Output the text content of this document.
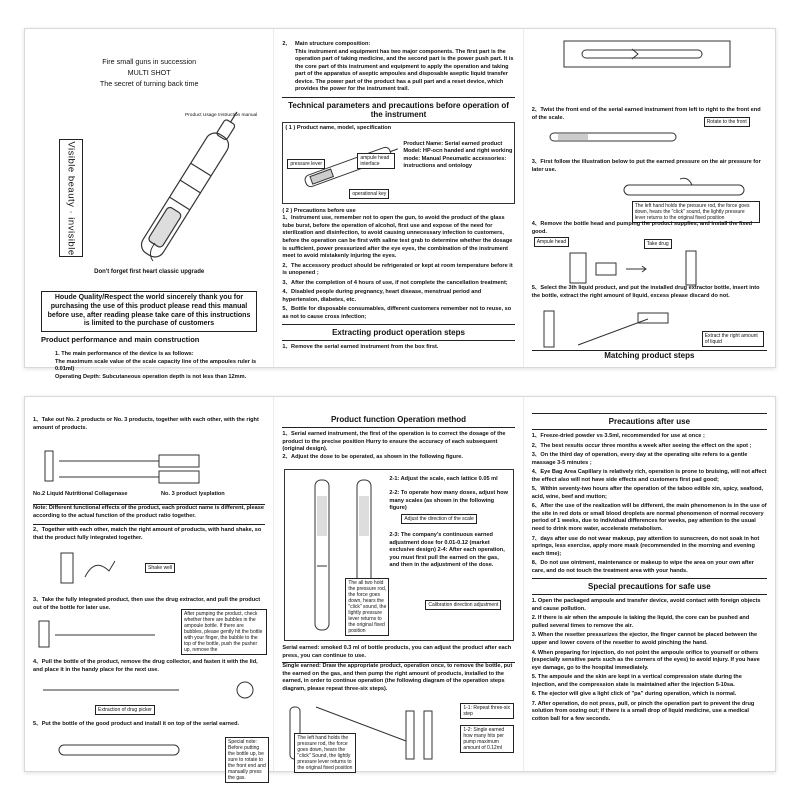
Fire small guns in succession
MULTI SHOT
The secret of turning back time
Product Usage Instruction manual
Visible beauty · invisible
Don't forget first heart classic upgrade
Houde Quality/Respect the world sincerely thank you for purchasing the use of this product please read this manual before use, after reading please take care of this instructions is limited to the purchase of customers
Product performance and main construction
1. The main performance of the device is as follows:
The maximum scale value of the scale capacity line of the ampoules ruler is 0.01ml)
Operating Depth: Subcutaneous operation depth is not less than 12mm.
2, Main structure composition:
This instrument and equipment has two major components. The first part is the operation part of taking medicine, and the second part is the power push part. It is the core part of this instrument and equipment to apply the operation and taking part of the apparatus of aseptic ampoules and disposable aseptic liquid transfer device. The power part of the product has a pull part and a reset device, which provides the power for the instrument trail.
Technical parameters and precautions before operation of the instrument
( 1 ) Product name, model, specification
pressure lever
ampule head interface
operational key
Product Name: Serial earned product Model: HP-ocn handed and right working mode: Manual Pneumatic accessories: instructions and ontology
( 2 ) Precautions before use

1、Instrument use, remember not to open the gun, to avoid the product of the glass tube burst, before the operation of alcohol, first use and expose of the need for sterilization and disinfection, to avoid causing unnecessary infection to customers, before the operation can be first with saline test grab to determine whether the dosage is sufficient, power pressurized after the eye eyes, the combination of the instrument meet to avoid mistakenly injuring the eyes.

2、The accessory product should be refrigerated or kept at room temperature before it is unopened ;

3、After the completion of 4 hours of use, if not complete the cancellation treatment;

4、Disabled people during pregnancy, heart disease, menstrual period and hypertension, diabetes, etc.

5、Bottle for disposable consumables, different customers remember not to reuse, so as not to cause cross infection;

Extracting product operation steps
1、Remove the serial earned instrument from the box first.
2、Twist the front end of the serial earned instrument from left to right to the front end of the scale.
Rotate to the front
3、First follow the illustration below to put the earned pressure on the air pressure for later use.
The left hand holds the pressure rod, the force goes down, hears the "click" sound, the lightly pressure lever returns to the original fixed position
4、Remove the bottle head and pumping the product supplies, and install the fixed good.
Ampule head	Take drug
5、Select the 3th liquid product, and put the installed drug extractor bottle, insert into the bottle, extract the right amount of liquid, excess please discard do not.
Extract the right amount of liquid
Matching product steps
1、Take out No. 2 products or No. 3 products, together with each other, with the right amount of products.
No.2 Liquid Nutritional Collagenase	No. 3 product lysplation
Note: Different functional effects of the product, each product name is different, please according to the actual function of the product ratio together.
2、Together with each other, match the right amount of products, with hand shake, so that the product fully integrated together.
Shake well
3、Take the fully integrated product, then use the drug extractor, and pull the product out of the bottle for later use.
After pumping the product, check whether there are bubbles in the ampoule bottle. If there are bubbles, please gently hit the bottle with your finger, the bubble to the top of the bottle, push the pusher up, remove the
4、Pull the bottle of the product, remove the drug collector, and fasten it with the lid, and place it in the handy place for the next use.
Extraction of drug picker
5、Put the bottle of the good product and install it on top of the serial earned.
Special note: Before putting the bottle up, be sure to rotate to the front end and manually press the gas.
Product function Operation method
1、Serial earned instrument, the first of the operation is to correct the dosage of the product to the precise position Hurry to ensure the accuracy of each subsequent (original design).
2、Adjust the dose to be operated, as shown in the following figure.
2-1: Adjust the scale, each lattice 0.05 ml
2-2: To operate how many doses, adjust how many scales (as shown in the following figure)
Adjust the direction of the scale
2-3: The company's continuous earned adjustment dose for 0.01-0.12 (market exclusive design) 2-4: After each operation, you must first pull the earned on the gas, and then in the adjustment of the dose.
The all two hold the pressure rod, the force goes down, hears the "click" sound, the lightly pressure lever returns to the original fixed position
Calibration direction adjustment
Serial earned: smoked 0.3 ml of bottle products, you can adjust the product after each press, you can continue to use.
Single earned: Draw the appropriate product, operation once, to remove the bottle, put the earned on the gas, and then pump the right amount of products, installed to the earned, in order to continue operation (the following diagram of the operation steps diagram, please repeat three-six steps).
The left hand holds the pressure rod, the force goes down, hears the "click" Sound, the lightly pressure lever returns to the original fixed position
1-1: Repeat three-six step
1-2: Single earned how many hits per pump maximum amount of 0.12ml
Precautions after use

1、Freeze-dried powder vs 3.5ml, recommended for use at once ;

2、The best results occur three months a week after seeing the effect on the spot ;

3、On the third day of operation, every day at the operating site refers to a gentle massage 3-5 minutes ;

4、Eye Bag Area Capillary is relatively rich, operation is prone to bruising, will not affect the effect also will not have side effects and customers first pad good;

5、Within seventy-two hours after the operation of the taboo edible xin, spicy, seafood, acid, wine, beef and mutton;

6、After the use of the realization will be different, the main phenomenon is in the use of the site in red dots or small blood droplets are normal phenomenon of normal recovery period of 1 weeks, due to individual differences for weeks, pay attention to the usual need to drink more water, accelerate metabolism.

7、days after use do not wear makeup, pay attention to sunscreen, do not soak in hot springs, less exercise, apply more mask (recommended in the morning and evening each time);

8、Do not use ointment, maintenance or makeup to wipe the area on your own after care, and do not touch the treatment area with your hands.

Special precautions for safe use

1. Open the packaged ampoule and transfer device, avoid contact with foreign objects and cause pollution.

2. If there is air when the ampoule is taking the liquid, the core can be pushed and pulled several times to remove the air.

3. When the resetter pressurizes the ejector, the finger cannot be placed between the upper and lower covers of the resetter to avoid pinching the hand.

4. When preparing for injection, do not point the ampoule orifice to yourself or others (especially sensitive parts such as the corners of the eyes) to avoid injury. If you have eye damage, go to the hospital immediately.

5. The ampoule and the skin are kept in a vertical compression state during the injection, and the compression state is maintained after the injection 5-10sa.

6. The ejector will give a light click of "pa" during operation, which is normal.

7. After operation, do not press, pull, or pinch the operation part to prevent the drug solution from oozing out; if there is a small drop of liquid medicine, use a medical cotton ball for a few seconds.
